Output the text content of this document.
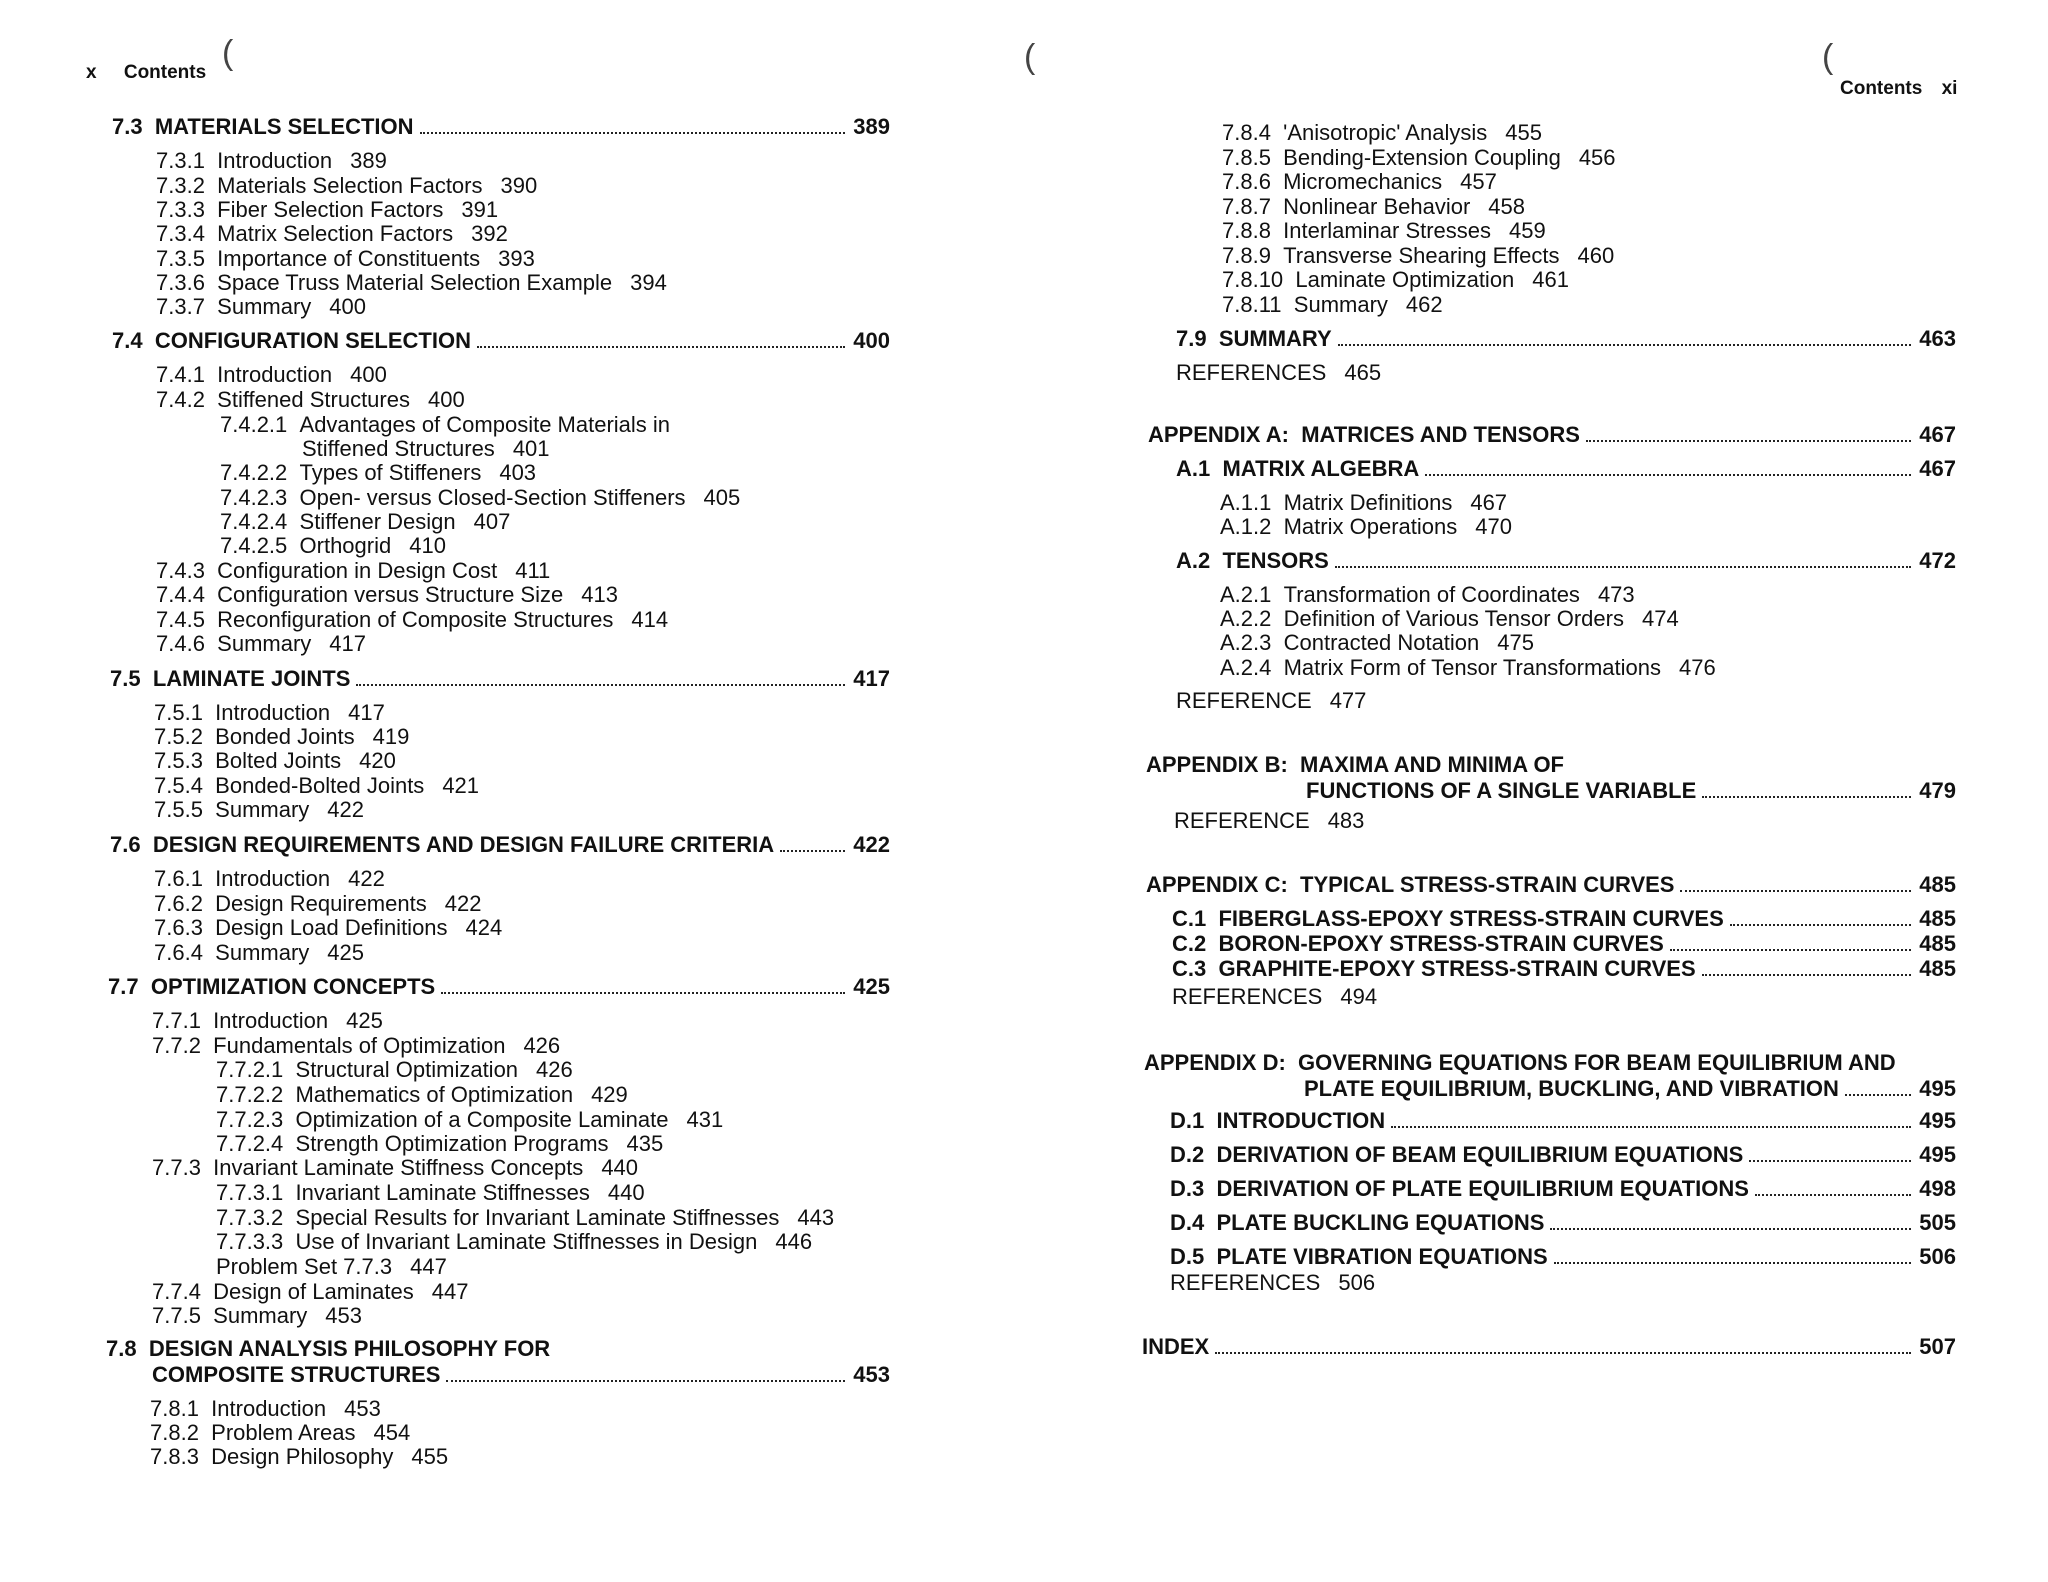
x Contents
(	(	(
Contents xi
7.3 MATERIALS SELECTION	389
7.3.1 Introduction 389
7.3.2 Materials Selection Factors 390
7.3.3 Fiber Selection Factors 391
7.3.4 Matrix Selection Factors 392
7.3.5 Importance of Constituents 393
7.3.6 Space Truss Material Selection Example 394
7.3.7 Summary 400
7.4 CONFIGURATION SELECTION	400
7.4.1 Introduction 400
7.4.2 Stiffened Structures 400
7.4.2.1 Advantages of Composite Materials in
Stiffened Structures 401
7.4.2.2 Types of Stiffeners 403
7.4.2.3 Open- versus Closed-Section Stiffeners 405
7.4.2.4 Stiffener Design 407
7.4.2.5 Orthogrid 410
7.4.3 Configuration in Design Cost 411
7.4.4 Configuration versus Structure Size 413
7.4.5 Reconfiguration of Composite Structures 414
7.4.6 Summary 417
7.5 LAMINATE JOINTS	417
7.5.1 Introduction 417
7.5.2 Bonded Joints 419
7.5.3 Bolted Joints 420
7.5.4 Bonded-Bolted Joints 421
7.5.5 Summary 422
7.6 DESIGN REQUIREMENTS AND DESIGN FAILURE CRITERIA	422
7.6.1 Introduction 422
7.6.2 Design Requirements 422
7.6.3 Design Load Definitions 424
7.6.4 Summary 425
7.7 OPTIMIZATION CONCEPTS	425
7.7.1 Introduction 425
7.7.2 Fundamentals of Optimization 426
7.7.2.1 Structural Optimization 426
7.7.2.2 Mathematics of Optimization 429
7.7.2.3 Optimization of a Composite Laminate 431
7.7.2.4 Strength Optimization Programs 435
7.7.3 Invariant Laminate Stiffness Concepts 440
7.7.3.1 Invariant Laminate Stiffnesses 440
7.7.3.2 Special Results for Invariant Laminate Stiffnesses 443
7.7.3.3 Use of Invariant Laminate Stiffnesses in Design 446
Problem Set 7.7.3 447
7.7.4 Design of Laminates 447
7.7.5 Summary 453
7.8 DESIGN ANALYSIS PHILOSOPHY FOR
COMPOSITE STRUCTURES	453
7.8.1 Introduction 453
7.8.2 Problem Areas 454
7.8.3 Design Philosophy 455
7.8.4 'Anisotropic' Analysis 455
7.8.5 Bending-Extension Coupling 456
7.8.6 Micromechanics 457
7.8.7 Nonlinear Behavior 458
7.8.8 Interlaminar Stresses 459
7.8.9 Transverse Shearing Effects 460
7.8.10 Laminate Optimization 461
7.8.11 Summary 462
7.9 SUMMARY	463
REFERENCES 465
APPENDIX A:  MATRICES AND TENSORS	467
A.1 MATRIX ALGEBRA	467
A.1.1 Matrix Definitions 467
A.1.2 Matrix Operations 470
A.2 TENSORS	472
A.2.1 Transformation of Coordinates 473
A.2.2 Definition of Various Tensor Orders 474
A.2.3 Contracted Notation 475
A.2.4 Matrix Form of Tensor Transformations 476
REFERENCE 477
APPENDIX B:  MAXIMA AND MINIMA OF
FUNCTIONS OF A SINGLE VARIABLE	479
REFERENCE 483
APPENDIX C:  TYPICAL STRESS-STRAIN CURVES	485
C.1 FIBERGLASS-EPOXY STRESS-STRAIN CURVES	485
C.2 BORON-EPOXY STRESS-STRAIN CURVES	485
C.3 GRAPHITE-EPOXY STRESS-STRAIN CURVES	485
REFERENCES 494
APPENDIX D:  GOVERNING EQUATIONS FOR BEAM EQUILIBRIUM AND
PLATE EQUILIBRIUM, BUCKLING, AND VIBRATION	495
D.1 INTRODUCTION	495
D.2 DERIVATION OF BEAM EQUILIBRIUM EQUATIONS	495
D.3 DERIVATION OF PLATE EQUILIBRIUM EQUATIONS	498
D.4 PLATE BUCKLING EQUATIONS	505
D.5 PLATE VIBRATION EQUATIONS	506
REFERENCES 506
INDEX	507
